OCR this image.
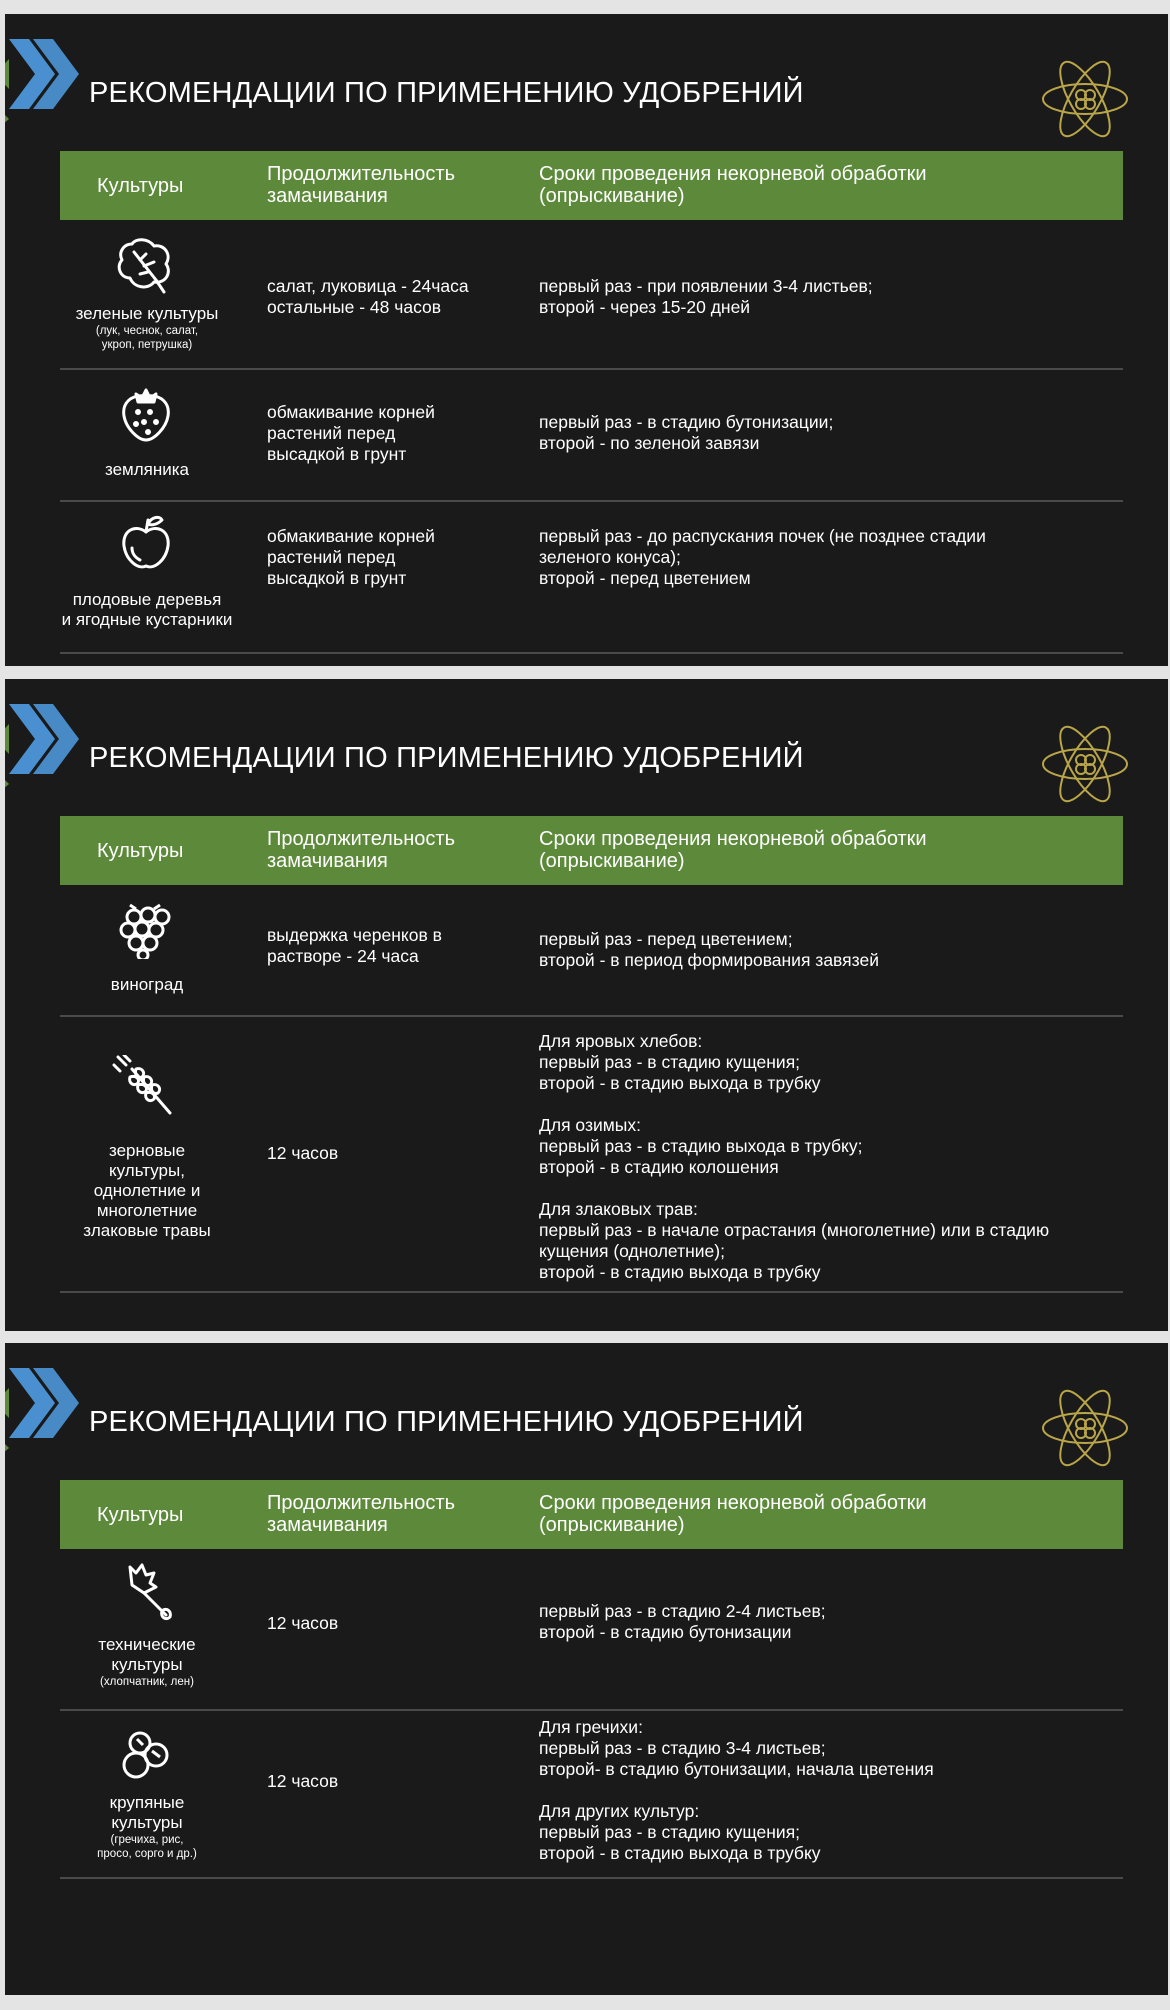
РЕКОМЕНДАЦИИ ПО ПРИМЕНЕНИЮ УДОБРЕНИЙ
Культуры
Продолжительность
замачивания
Сроки проведения некорневой обработки
(опрыскивание)
зеленые культуры
(лук, чеснок, салат,
укроп, петрушка)
салат, луковица - 24часа
остальные - 48 часов
первый раз - при появлении 3-4 листьев;
второй - через 15-20 дней
земляника
обмакивание корней
растений перед
высадкой в грунт
первый раз - в стадию бутонизации;
второй - по зеленой завязи
плодовые деревья
и ягодные кустарники
обмакивание корней
растений перед
высадкой в грунт
первый раз - до распускания почек (не позднее стадии
зеленого конуса);
второй - перед цветением
РЕКОМЕНДАЦИИ ПО ПРИМЕНЕНИЮ УДОБРЕНИЙ
Культуры
Продолжительность
замачивания
Сроки проведения некорневой обработки
(опрыскивание)
виноград
выдержка черенков в
растворе - 24 часа
первый раз - перед цветением;
второй - в период формирования завязей
зерновые
культуры,
однолетние и
многолетние
злаковые травы
12 часов
Для яровых хлебов:
первый раз - в стадию кущения;
второй - в стадию выхода в трубку
Для озимых:
первый раз - в стадию выхода в трубку;
второй - в стадию колошения
Для злаковых трав:
первый раз - в начале отрастания (многолетние) или в стадию
кущения (однолетние);
второй - в стадию выхода в трубку
РЕКОМЕНДАЦИИ ПО ПРИМЕНЕНИЮ УДОБРЕНИЙ
Культуры
Продолжительность
замачивания
Сроки проведения некорневой обработки
(опрыскивание)
технические
культуры
(хлопчатник, лен)
12 часов
первый раз - в стадию 2-4 листьев;
второй - в стадию бутонизации
крупяные
культуры
(гречиха, рис,
просо, сорго и др.)
12 часов
Для гречихи:
первый раз - в стадию 3-4 листьев;
второй- в стадию бутонизации, начала цветения
Для других культур:
первый раз - в стадию кущения;
второй - в стадию выхода в трубку
